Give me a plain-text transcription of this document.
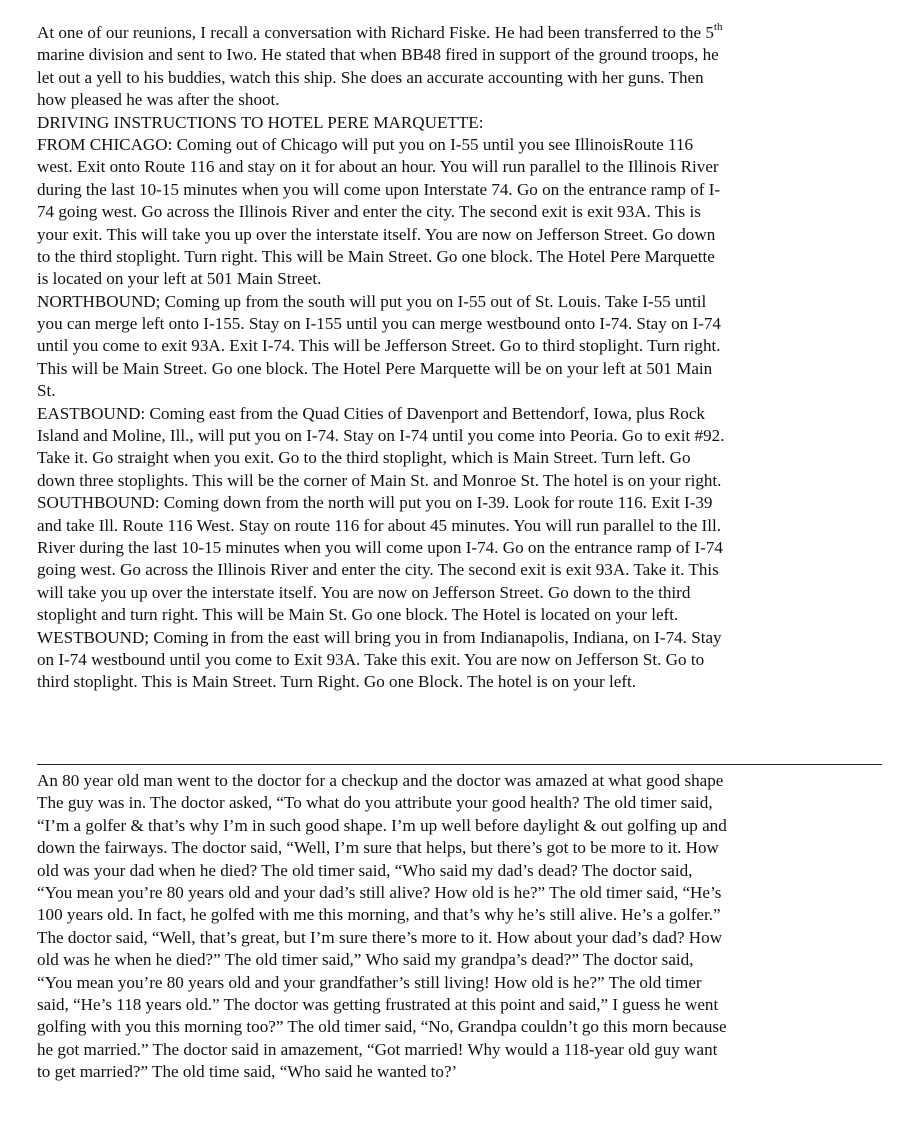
At one of our reunions, I recall a conversation with Richard Fiske. He had been transferred to the 5th
marine division and sent to Iwo. He stated that when BB48 fired in support of the ground troops, he
let out a yell to his buddies, watch this ship. She does an accurate accounting with her guns. Then
how pleased he was after the shoot.
DRIVING INSTRUCTIONS TO HOTEL PERE MARQUETTE:
FROM CHICAGO: Coming out of Chicago will put you on I-55 until you see IllinoisRoute 116
west. Exit onto Route 116 and stay on it for about an hour. You will run parallel to the Illinois River
during the last 10-15 minutes when you will come upon Interstate 74. Go on the entrance ramp of I-
74 going west. Go across the Illinois River and enter the city. The second exit is exit 93A. This is
your exit. This will take you up over the interstate itself. You are now on Jefferson Street. Go down
to the third stoplight. Turn right. This will be Main Street. Go one block. The Hotel Pere Marquette
is located on your left at 501 Main Street.
NORTHBOUND; Coming up from the south will put you on I-55 out of St. Louis. Take I-55 until
you can merge left onto I-155. Stay on I-155 until you can merge westbound onto I-74. Stay on I-74
until you come to exit 93A. Exit I-74. This will be Jefferson Street. Go to third stoplight. Turn right.
This will be Main Street. Go one block. The Hotel Pere Marquette will be on your left at 501 Main
St.
EASTBOUND: Coming east from the Quad Cities of Davenport and Bettendorf, Iowa, plus Rock
Island and Moline, Ill., will put you on I-74. Stay on I-74 until you come into Peoria. Go to exit #92.
Take it. Go straight when you exit. Go to the third stoplight, which is Main Street. Turn left. Go
down three stoplights. This will be the corner of Main St. and Monroe St. The hotel is on your right.
SOUTHBOUND: Coming down from the north will put you on I-39. Look for route 116. Exit I-39
and take Ill. Route 116 West. Stay on route 116 for about 45 minutes. You will run parallel to the Ill.
River during the last 10-15 minutes when you will come upon I-74. Go on the entrance ramp of I-74
going west. Go across the Illinois River and enter the city. The second exit is exit 93A. Take it. This
will take you up over the interstate itself. You are now on Jefferson Street. Go down to the third
stoplight and turn right. This will be Main St. Go one block. The Hotel is located on your left.
WESTBOUND; Coming in from the east will bring you in from Indianapolis, Indiana, on I-74. Stay
on I-74 westbound until you come to Exit 93A. Take this exit. You are now on Jefferson St. Go to
third stoplight. This is Main Street. Turn Right. Go one Block. The hotel is on your left.
An 80 year old man went to the doctor for a checkup and the doctor was amazed at what good shape
The guy was in. The doctor asked, “To what do you attribute your good health? The old timer said,
“I’m a golfer & that’s why I’m in such good shape. I’m up well before daylight & out golfing up and
down the fairways. The doctor said, “Well, I’m sure that helps, but there’s got to be more to it. How
old was your dad when he died? The old timer said, “Who said my dad’s dead? The doctor said,
“You mean you’re 80 years old and your dad’s still alive? How old is he?” The old timer said, “He’s
100 years old. In fact, he golfed with me this morning, and that’s why he’s still alive. He’s a golfer.”
The doctor said, “Well, that’s great, but I’m sure there’s more to it. How about your dad’s dad? How
old was he when he died?” The old timer said,” Who said my grandpa’s dead?” The doctor said,
“You mean you’re 80 years old and your grandfather’s still living! How old is he?” The old timer
said, “He’s 118 years old.” The doctor was getting frustrated at this point and said,” I guess he went
golfing with you this morning too?” The old timer said, “No, Grandpa couldn’t go this morn because
he got married.” The doctor said in amazement, “Got married! Why would a 118-year old guy want
to get married?” The old time said, “Who said he wanted to?’
